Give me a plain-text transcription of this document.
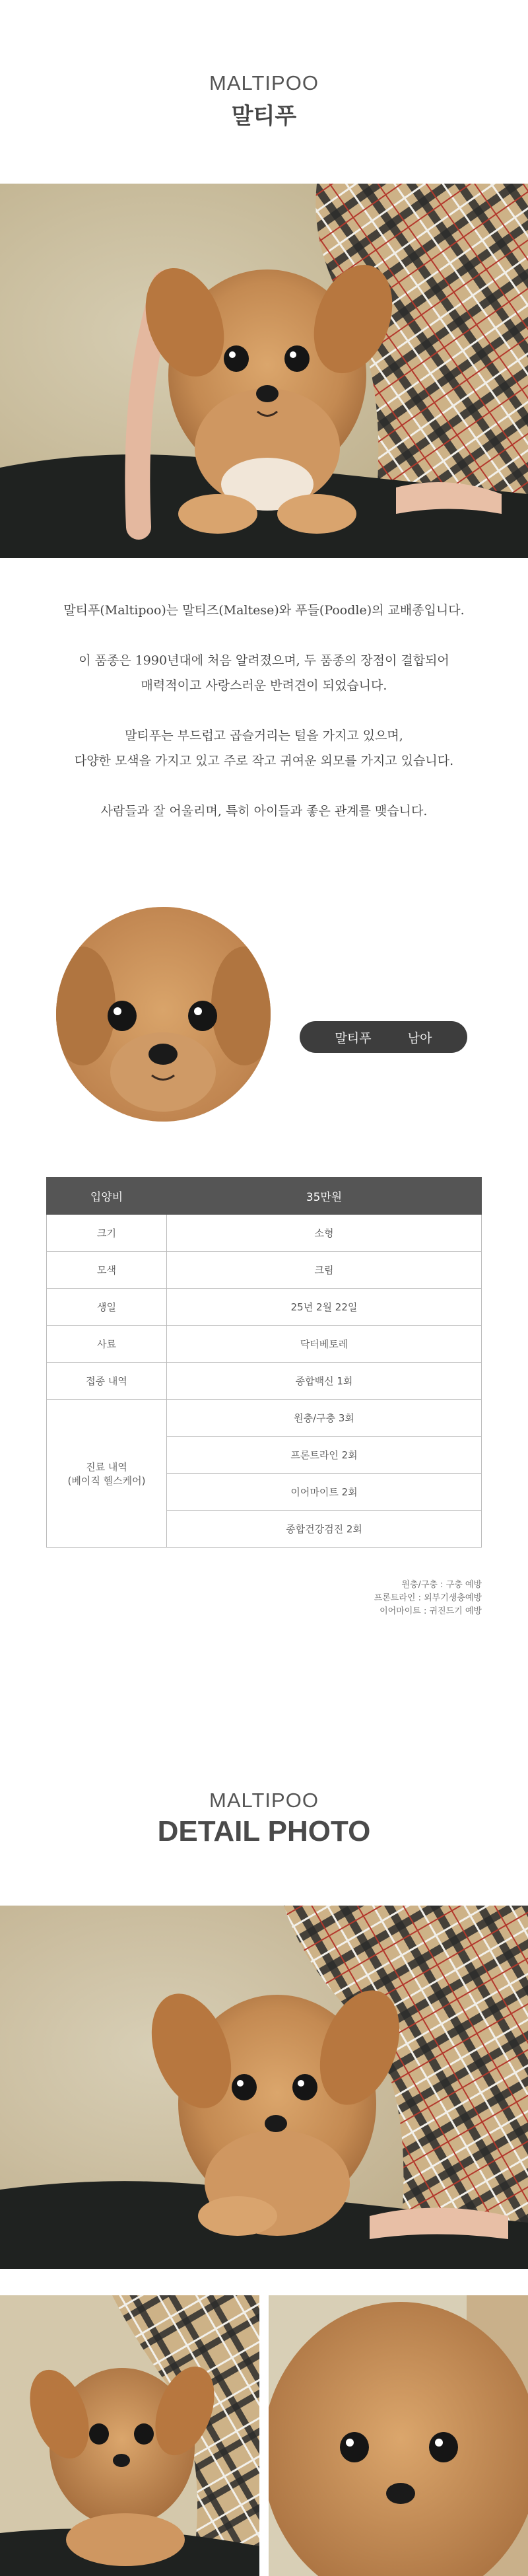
MALTIPOO
말티푸

말티푸(Maltipoo)는 말티즈(Maltese)와 푸들(Poodle)의 교배종입니다.

이 품종은 1990년대에 처음 알려졌으며, 두 품종의 장점이 결합되어
매력적이고 사랑스러운 반려견이 되었습니다.

말티푸는 부드럽고 곱슬거리는 털을 가지고 있으며,
다양한 모색을 가지고 있고 주로 작고 귀여운 외모를 가지고 있습니다.

사람들과 잘 어울리며, 특히 아이들과 좋은 관계를 맺습니다.

말티푸	남아
입양비	35만원
크기	소형
모색	크림
생일	25년 2월 22일
사료	닥터베토레
접종 내역	종합백신 1회
진료 내역
(베이직 헬스케어)	원충/구충 3회
	프론트라인 2회
	이어마이트 2회
	종합건강검진 2회
원충/구충 : 구충 예방
프론트라인 : 외부기생충예방
이어마이트 : 귀진드기 예방
MALTIPOO
DETAIL PHOTO
